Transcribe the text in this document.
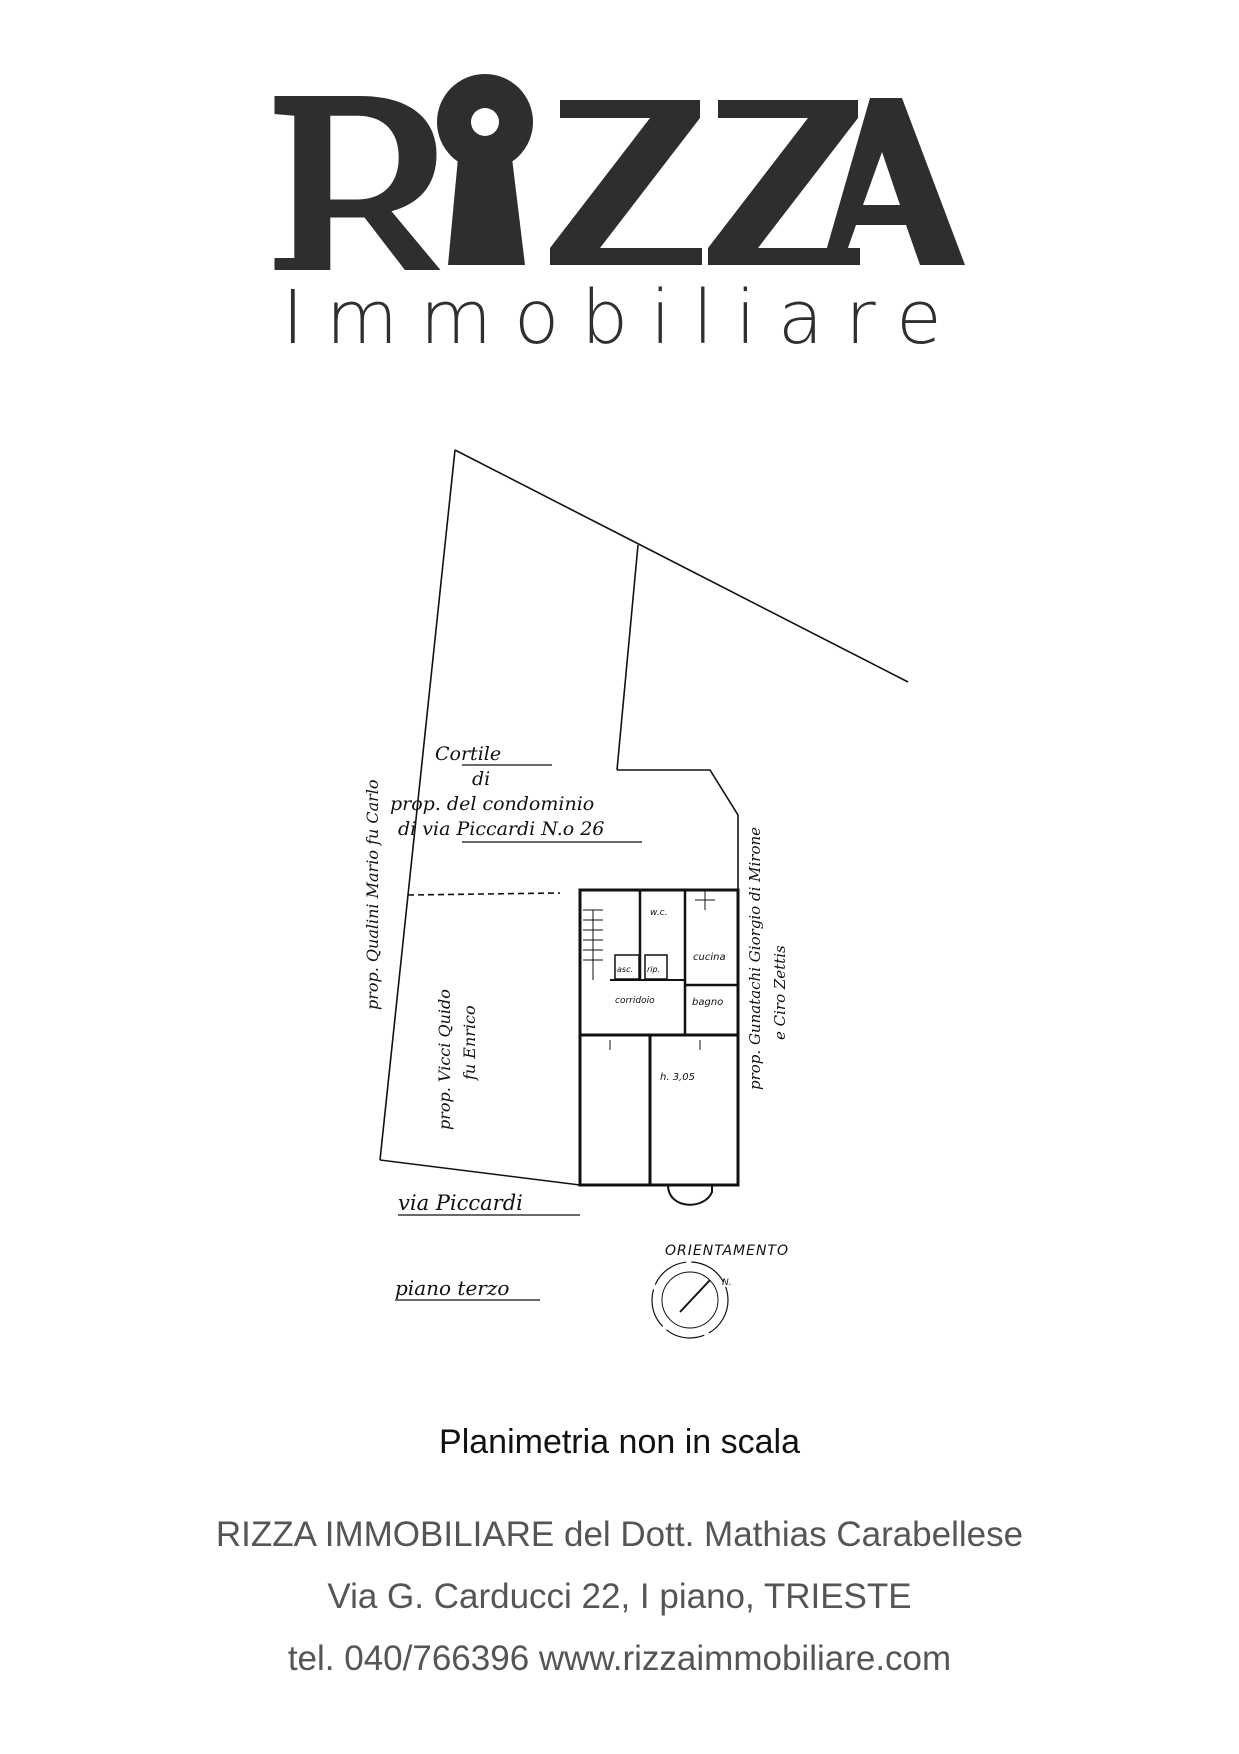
Immobiliare
Cortile
di
prop. del condominio
di via Piccardi N.o 26
via Piccardi
piano terzo
prop. Qualini Mario fu Carlo
prop. Vicci Quido fu Enrico	prop. Gunatachi Giorgio di Mirone e Ciro Zettis
cucina
w.c.
asc. rip.
corridoio	bagno
h. 3,05
ORIENTAMENTO
N.
Planimetria non in scala
RIZZA IMMOBILIARE del Dott. Mathias Carabellese
Via G. Carducci 22, I piano, TRIESTE
tel. 040/766396 www.rizzaimmobiliare.com
